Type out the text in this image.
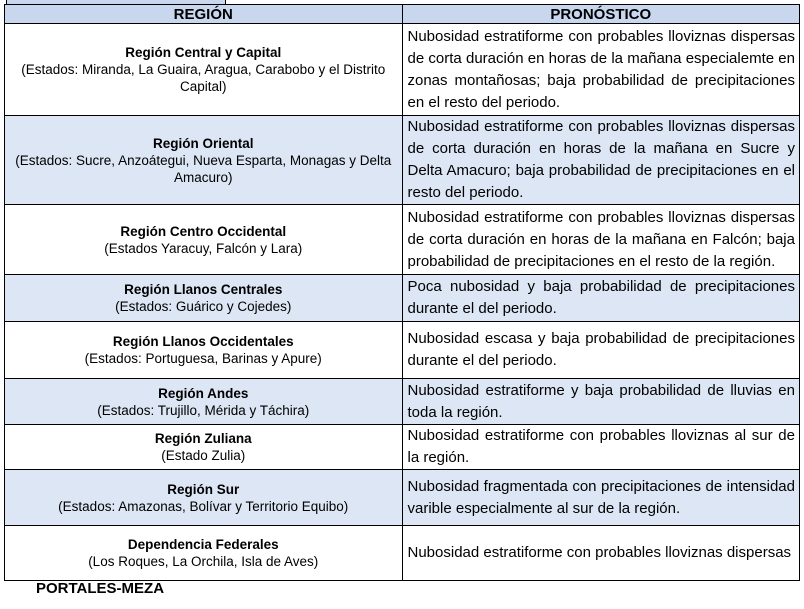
REGIÓN	PRONÓSTICO

Región Central y Capital
(Estados: Miranda, La Guaira, Aragua, Carabobo y el Distrito Capital)	Nubosidad estratiforme con probables lloviznas dispersas de corta duración en horas de la mañana especialemte en zonas montañosas; baja probabilidad de precipitaciones en el resto del periodo.

Región Oriental
(Estados: Sucre, Anzoátegui, Nueva Esparta, Monagas y Delta Amacuro)	Nubosidad estratiforme con probables lloviznas dispersas de corta duración en horas de la mañana en Sucre y Delta Amacuro; baja probabilidad de precipitaciones en el resto del periodo.

Región Centro Occidental
(Estados Yaracuy, Falcón y Lara)	Nubosidad estratiforme con probables lloviznas dispersas de corta duración en horas de la mañana en Falcón; baja probabilidad de precipitaciones en el resto de la región.

Región Llanos Centrales
(Estados: Guárico y Cojedes)	Poca nubosidad y baja probabilidad de precipitaciones durante el del periodo.

Región Llanos Occidentales
(Estados: Portuguesa, Barinas y Apure)	Nubosidad escasa y baja probabilidad de precipitaciones durante el del periodo.

Región Andes
(Estados: Trujillo, Mérida y Táchira)	Nubosidad estratiforme y baja probabilidad de lluvias en toda la región.

Región Zuliana
(Estado Zulia)	Nubosidad estratiforme con probables lloviznas al sur de la región.

Región Sur
(Estados: Amazonas, Bolívar y Territorio Equibo)	Nubosidad fragmentada con precipitaciones de intensidad varible especialmente al sur de la región.

Dependencia Federales
(Los Roques, La Orchila, Isla de Aves)	Nubosidad estratiforme con probables lloviznas dispersas
PORTALES-MEZA
